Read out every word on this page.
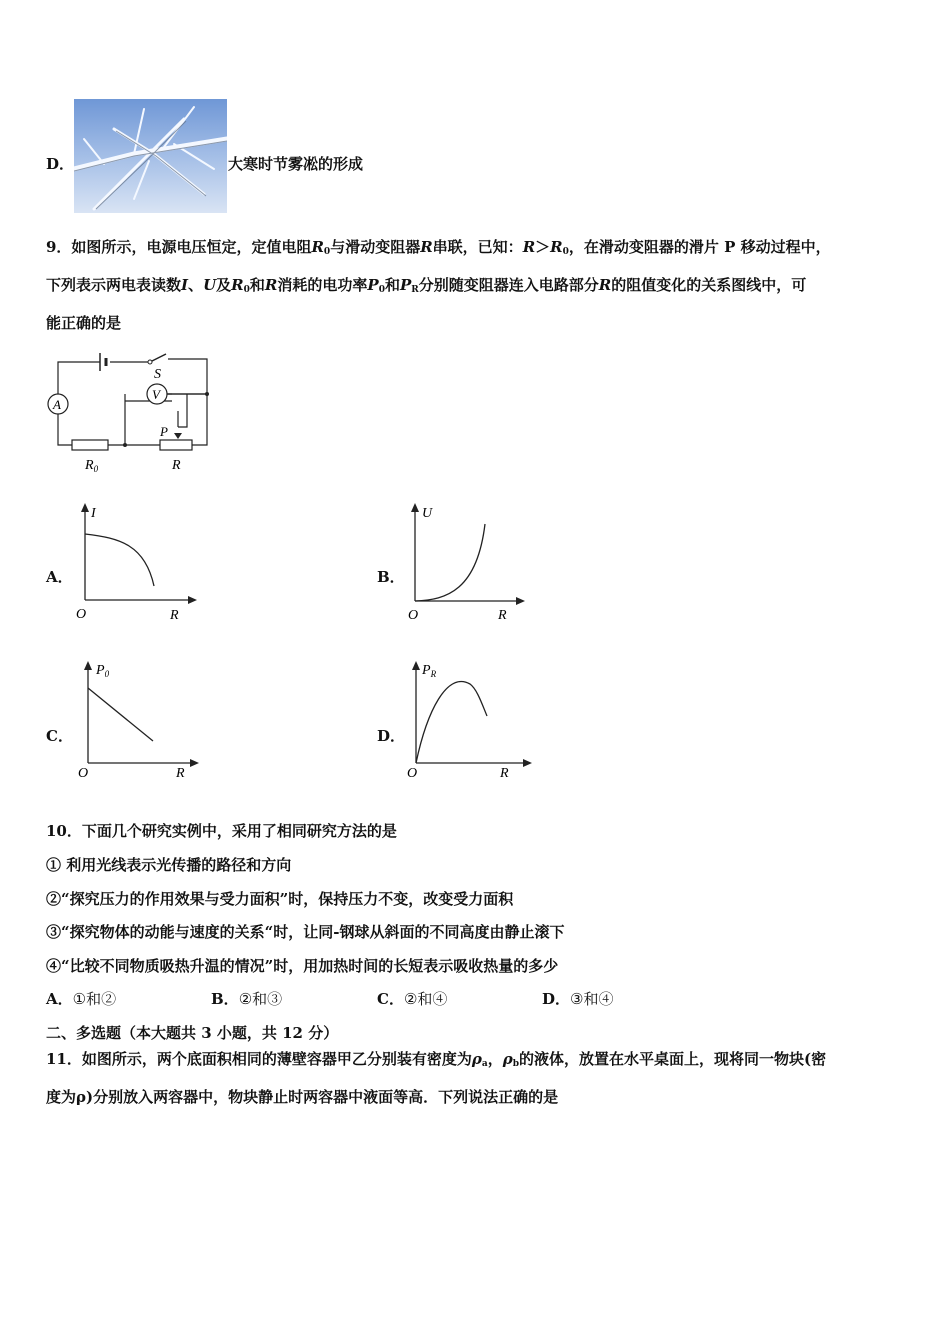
D．	大寒时节雾凇的形成
9．如图所示，电源电压恒定，定值电阻$R_0$与滑动变阻器R串联，已知：$R>R_0$，在滑动变阻器的滑片 P 移动过程中，
下列表示两电表读数I、U及$R_0$和R消耗的电功率$P_0$和$P_R$分别随变阻器连入电路部分R的阻值变化的关系图线中，可
能正确的是
A
V
S
P
$R_0$	R
A．
I
O	R
B．
U
O	R
C．
$P_0$
O	R
D．
$P_R$
O	R
10．下面几个研究实例中，采用了相同研究方法的是
① 利用光线表示光传播的路径和方向
②“探究压力的作用效果与受力面积”时，保持压力不变，改变受力面积
③“探究物体的动能与速度的关系“时，让同-钢球从斜面的不同高度由静止滚下
④“比较不同物质吸热升温的情况”时，用加热时间的长短表示吸收热量的多少
A．①和②	B．②和③	C．②和④	D．③和④
二、多选题（本大题共 3 小题，共 12 分）
11．如图所示，两个底面积相同的薄壁容器甲乙分别装有密度为$\rho_a$，$\rho_b$的液体，放置在水平桌面上，现将同一物块(密
度为ρ)分别放入两容器中，物块静止时两容器中液面等高．下列说法正确的是
